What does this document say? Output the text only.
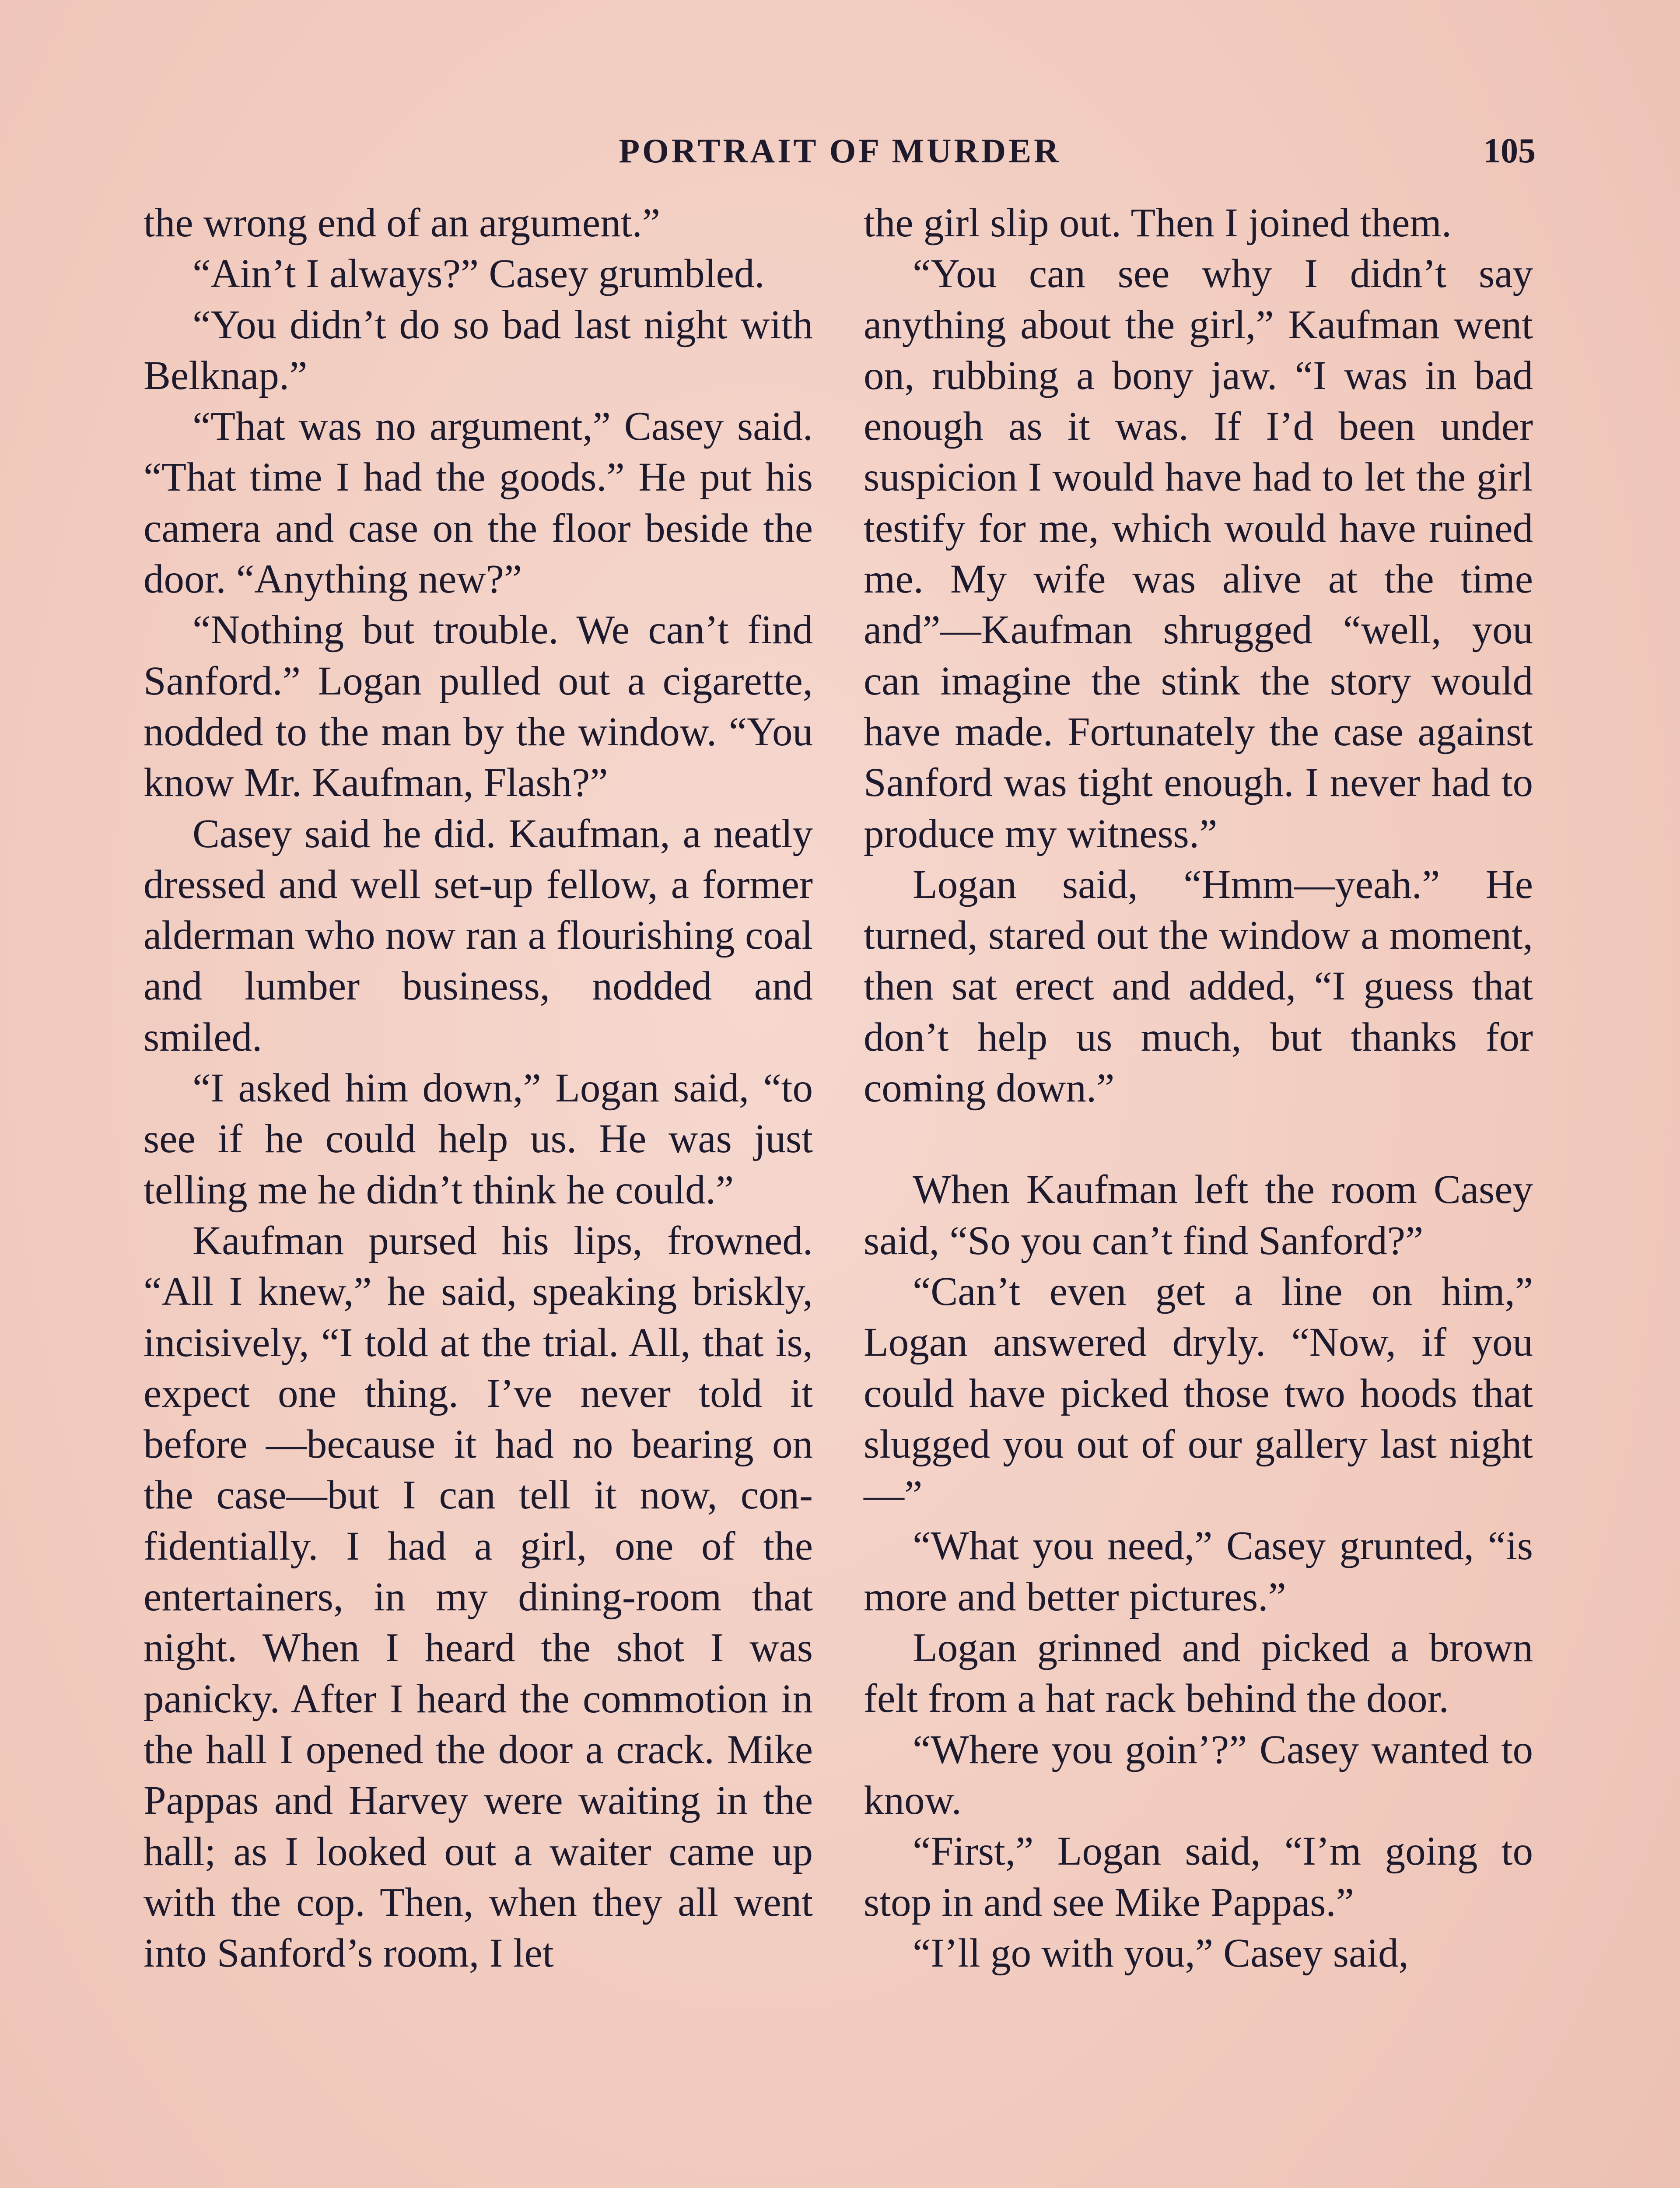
PORTRAIT OF MURDER	105

the wrong end of an argument.”

“Ain’t I always?” Casey grumbled.

“You didn’t do so bad last night with Belknap.”

“That was no argument,” Casey said. “That time I had the goods.” He put his camera and case on the floor beside the door. “Anything new?”

“Nothing but trouble. We can’t find Sanford.” Logan pulled out a cigarette, nodded to the man by the window. “You know Mr. Kaufman, Flash?”

Casey said he did. Kaufman, a neatly dressed and well set-up fellow, a former alderman who now ran a flourishing coal and lumber business, nodded and smiled.

“I asked him down,” Logan said, “to see if he could help us. He was just telling me he didn’t think he could.”

Kaufman pursed his lips, frowned. “All I knew,” he said, speaking briskly, incisively, “I told at the trial. All, that is, expect one thing. I’ve never told it before —because it had no bearing on the case—but I can tell it now, confidentially. I had a girl, one of the entertainers, in my dining-room that night. When I heard the shot I was panicky. After I heard the commotion in the hall I opened the door a crack. Mike Pappas and Harvey were waiting in the hall; as I looked out a waiter came up with the cop. Then, when they all went into Sanford’s room, I let

the girl slip out. Then I joined them.

“You can see why I didn’t say anything about the girl,” Kaufman went on, rubbing a bony jaw. “I was in bad enough as it was. If I’d been under suspicion I would have had to let the girl testify for me, which would have ruined me. My wife was alive at the time and”—Kaufman shrugged “well, you can imagine the stink the story would have made. Fortunately the case against Sanford was tight enough. I never had to produce my witness.”

Logan said, “Hmm—yeah.” He turned, stared out the window a moment, then sat erect and added, “I guess that don’t help us much, but thanks for coming down.”

When Kaufman left the room Casey said, “So you can’t find Sanford?”

“Can’t even get a line on him,” Logan answered dryly. “Now, if you could have picked those two hoods that slugged you out of our gallery last night—”

“What you need,” Casey grunted, “is more and better pictures.”

Logan grinned and picked a brown felt from a hat rack behind the door.

“Where you goin’?” Casey wanted to know.

“First,” Logan said, “I’m going to stop in and see Mike Pappas.”

“I’ll go with you,” Casey said,
